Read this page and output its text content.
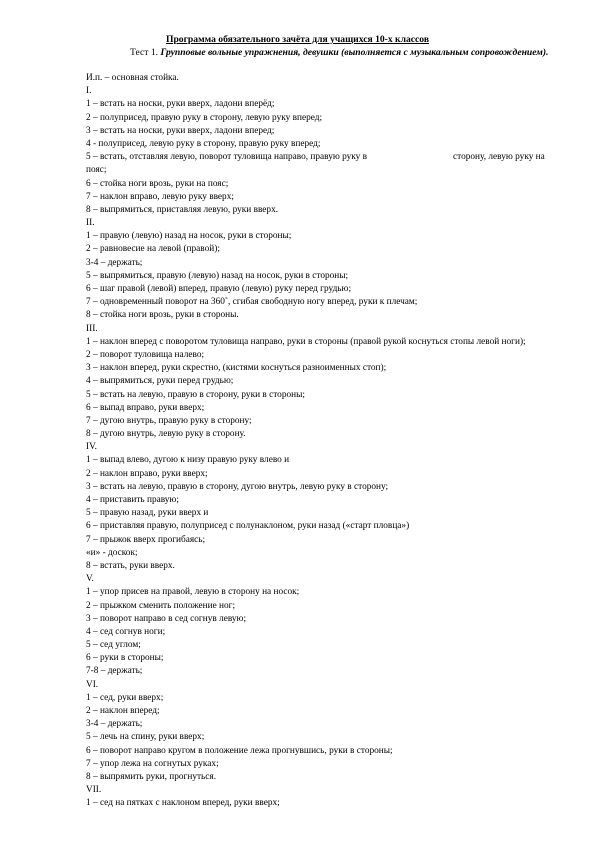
Программа обязательного зачёта для учащихся 10-х классов
Тест 1. Групповые вольные упражнения, девушки (выполняется с музыкальным сопровождением).
И.п. – основная стойка.
I.
1 – встать на носки, руки вверх, ладони вперёд;
2 – полуприсед, правую руку в сторону, левую руку вперед;
3 – встать на носки, руки вверх, ладони вперед;
4 - полуприсед, левую руку в сторону, правую руку вперед;
5 – встать, отставляя левую, поворот туловища направо, правую руку в	сторону, левую руку на пояс;
6 – стойка ноги врозь, руки на пояс;
7 – наклон вправо, левую руку вверх;
8 – выпрямиться, приставляя левую, руки вверх.
II.
1 – правую (левую) назад на носок, руки в стороны;
2 – равновесие на левой (правой);
3-4 – держать;
5 – выпрямиться, правую (левую) назад на носок, руки в стороны;
6 – шаг правой (левой) вперед, правую (левую) руку перед грудью;
7 – одновременный поворот на 360˚, сгибая свободную ногу вперед, руки к плечам;
8 – стойка ноги врозь, руки в стороны.
III.
1 – наклон вперед с поворотом туловища направо, руки в стороны (правой рукой коснуться стопы левой ноги);
2 – поворот туловища налево;
3 – наклон вперед, руки скрестно, (кистями коснуться разноименных стоп);
4 – выпрямиться, руки перед грудью;
5 – встать на левую, правую в сторону, руки в стороны;
6 – выпад вправо, руки вверх;
7 – дугою внутрь, правую руку в сторону;
8 – дугою внутрь, левую руку в сторону.
IV.
1 – выпад влево, дугою к низу правую руку влево и
2 – наклон вправо, руки вверх;
3 – встать на левую, правую в сторону, дугою внутрь, левую руку в сторону;
4 – приставить правую;
5 – правую назад, руки вверх и
6 – приставляя правую, полуприсед с полунаклоном, руки назад («старт пловца»)
7 – прыжок вверх прогибаясь;
«и» - доскок;
8 – встать, руки вверх.
V.
1 – упор присев на правой, левую в сторону на носок;
2 – прыжком сменить положение ног;
3 – поворот направо в сед согнув левую;
4 – сед согнув ноги;
5 – сед углом;
6 – руки в стороны;
7-8 – держать;
VI.
1 – сед, руки вверх;
2 – наклон вперед;
3-4 – держать;
5 – лечь на спину, руки вверх;
6 – поворот направо кругом в положение лежа прогнувшись, руки в стороны;
7 – упор лежа на согнутых руках;
8 – выпрямить руки, прогнуться.
VII.
1 – сед на пятках с наклоном вперед, руки вверх;
